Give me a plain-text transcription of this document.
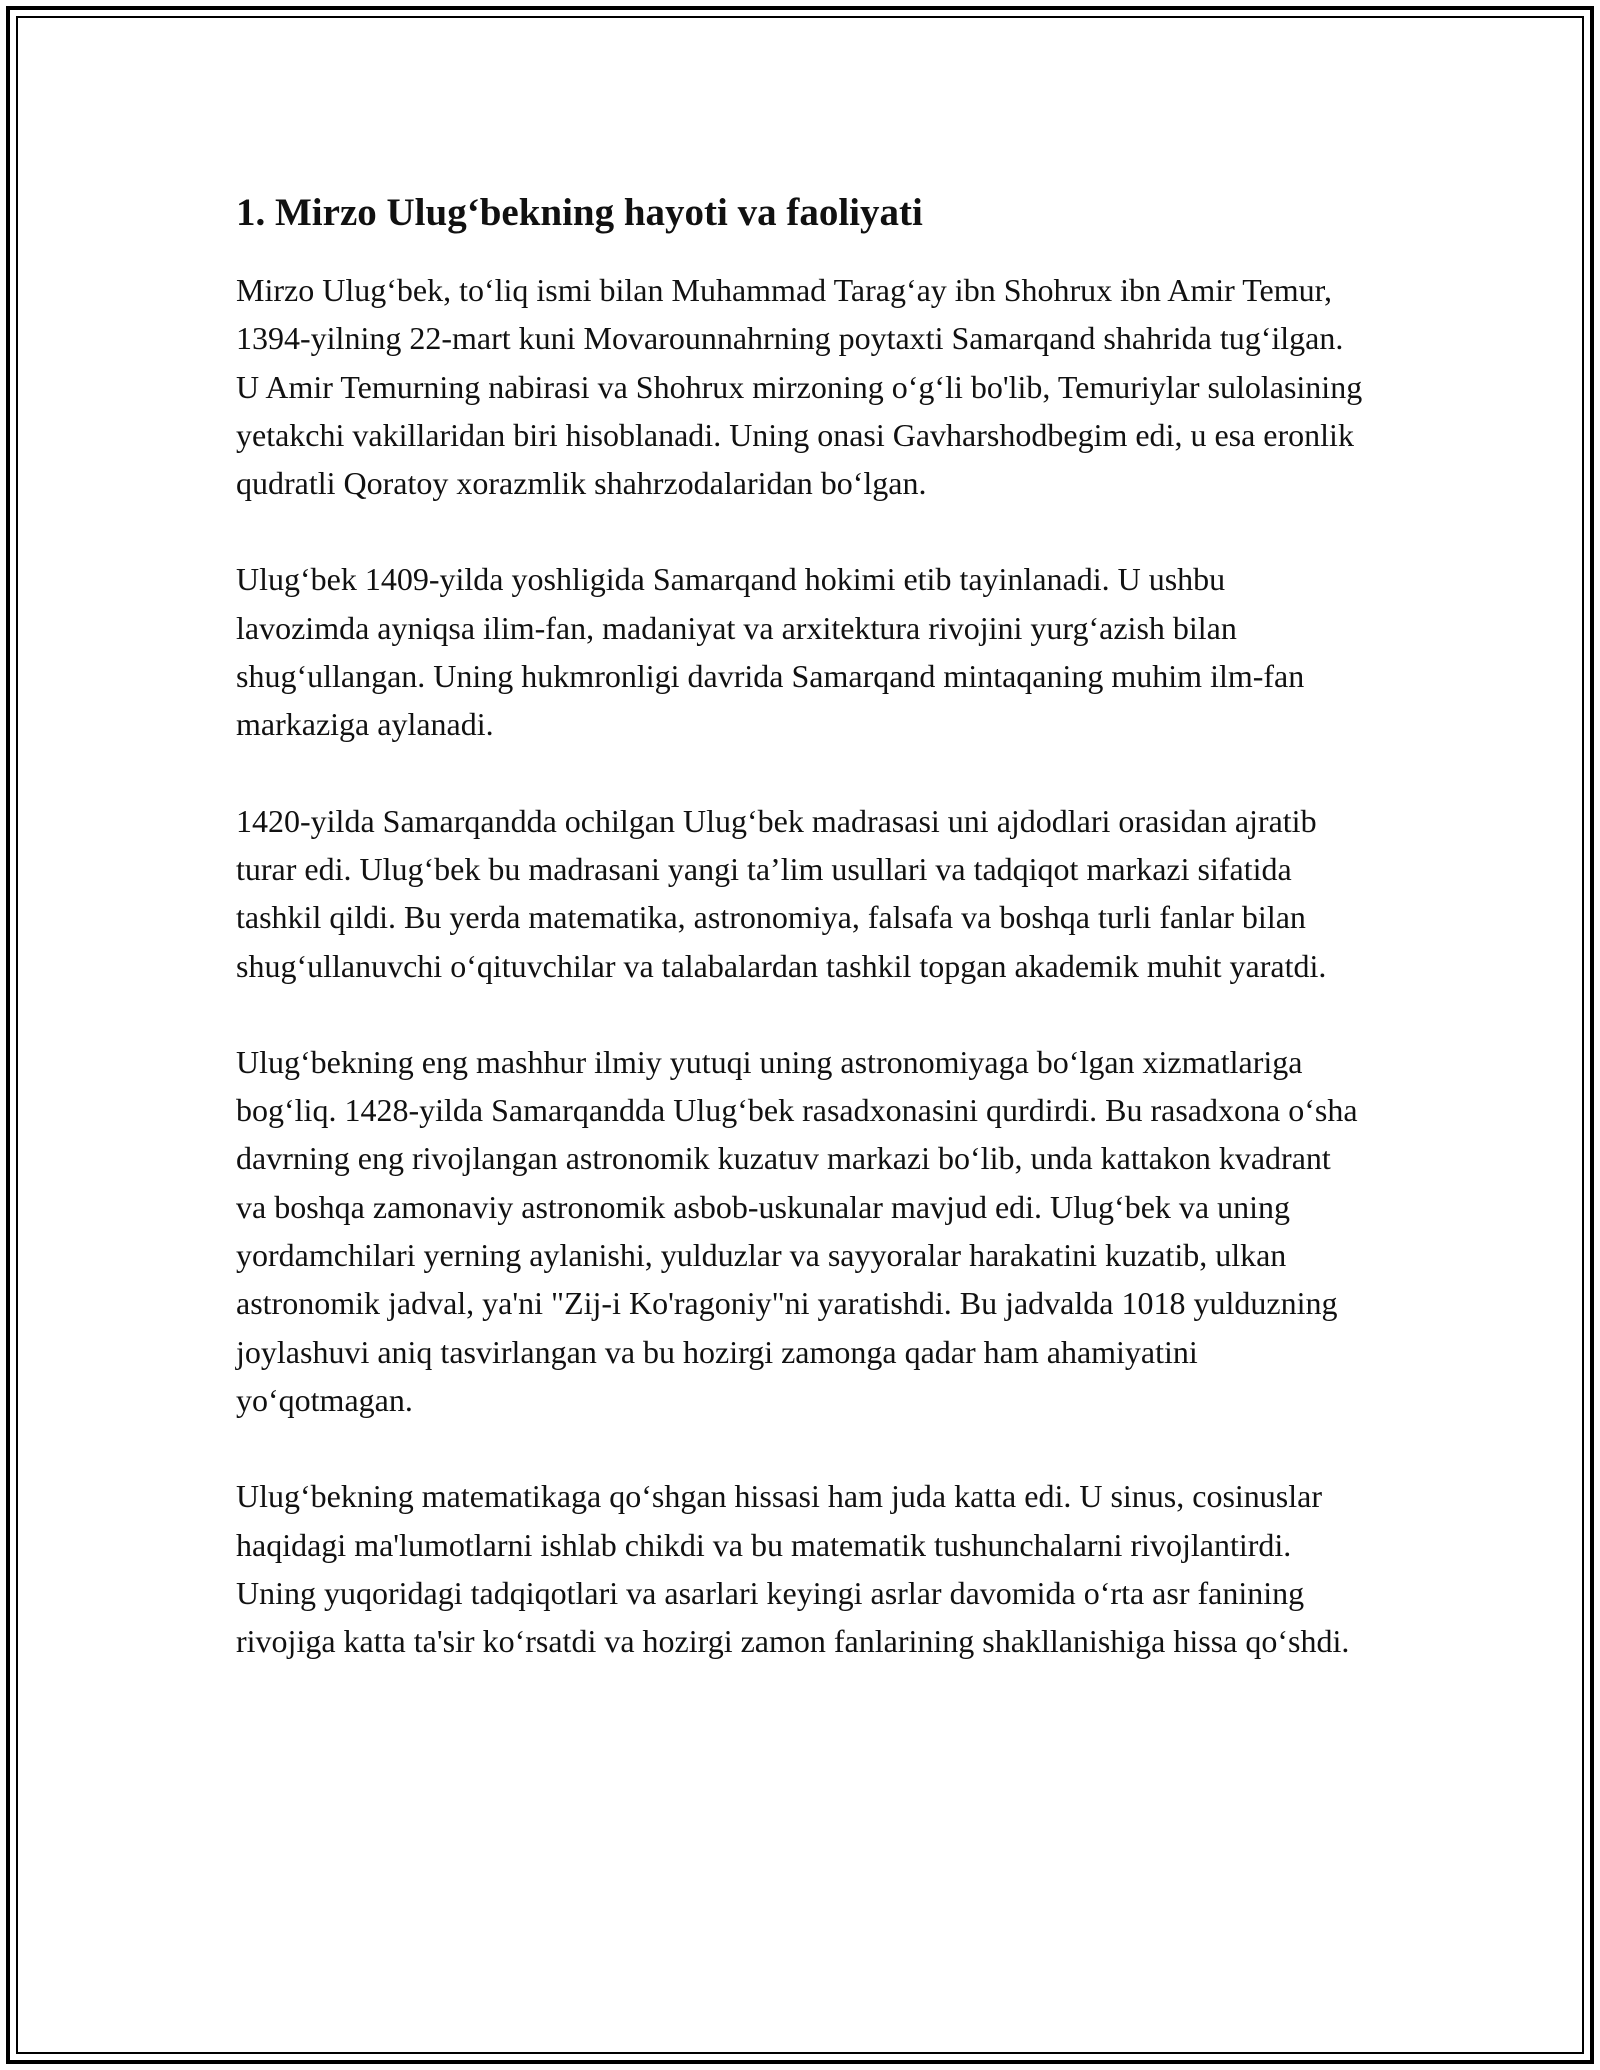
1. Mirzo Ulug‘bekning hayoti va faoliyati

Mirzo Ulug‘bek, to‘liq ismi bilan Muhammad Tarag‘ay ibn Shohrux ibn Amir Temur, 1394-yilning 22-mart kuni Movarounnahrning poytaxti Samarqand shahrida tug‘ilgan. U Amir Temurning nabirasi va Shohrux mirzoning o‘g‘li bo'lib, Temuriylar sulolasining yetakchi vakillaridan biri hisoblanadi. Uning onasi Gavharshodbegim edi, u esa eronlik qudratli Qoratoy xorazmlik shahrzodalaridan bo‘lgan.

Ulug‘bek 1409-yilda yoshligida Samarqand hokimi etib tayinlanadi. U ushbu lavozimda ayniqsa ilim-fan, madaniyat va arxitektura rivojini yurg‘azish bilan shug‘ullangan. Uning hukmronligi davrida Samarqand mintaqaning muhim ilm-fan markaziga aylanadi.

1420-yilda Samarqandda ochilgan Ulug‘bek madrasasi uni ajdodlari orasidan ajratib turar edi. Ulug‘bek bu madrasani yangi ta’lim usullari va tadqiqot markazi sifatida tashkil qildi. Bu yerda matematika, astronomiya, falsafa va boshqa turli fanlar bilan shug‘ullanuvchi o‘qituvchilar va talabalardan tashkil topgan akademik muhit yaratdi.

Ulug‘bekning eng mashhur ilmiy yutuqi uning astronomiyaga bo‘lgan xizmatlariga bog‘liq. 1428-yilda Samarqandda Ulug‘bek rasadxonasini qurdirdi. Bu rasadxona o‘sha davrning eng rivojlangan astronomik kuzatuv markazi bo‘lib, unda kattakon kvadrant va boshqa zamonaviy astronomik asbob-uskunalar mavjud edi. Ulug‘bek va uning yordamchilari yerning aylanishi, yulduzlar va sayyoralar harakatini kuzatib, ulkan astronomik jadval, ya'ni "Zij-i Ko'ragoniy"ni yaratishdi. Bu jadvalda 1018 yulduzning joylashuvi aniq tasvirlangan va bu hozirgi zamonga qadar ham ahamiyatini yo‘qotmagan.

Ulug‘bekning matematikaga qo‘shgan hissasi ham juda katta edi. U sinus, cosinuslar haqidagi ma'lumotlarni ishlab chikdi va bu matematik tushunchalarni rivojlantirdi. Uning yuqoridagi tadqiqotlari va asarlari keyingi asrlar davomida o‘rta asr fanining rivojiga katta ta'sir ko‘rsatdi va hozirgi zamon fanlarining shakllanishiga hissa qo‘shdi.
